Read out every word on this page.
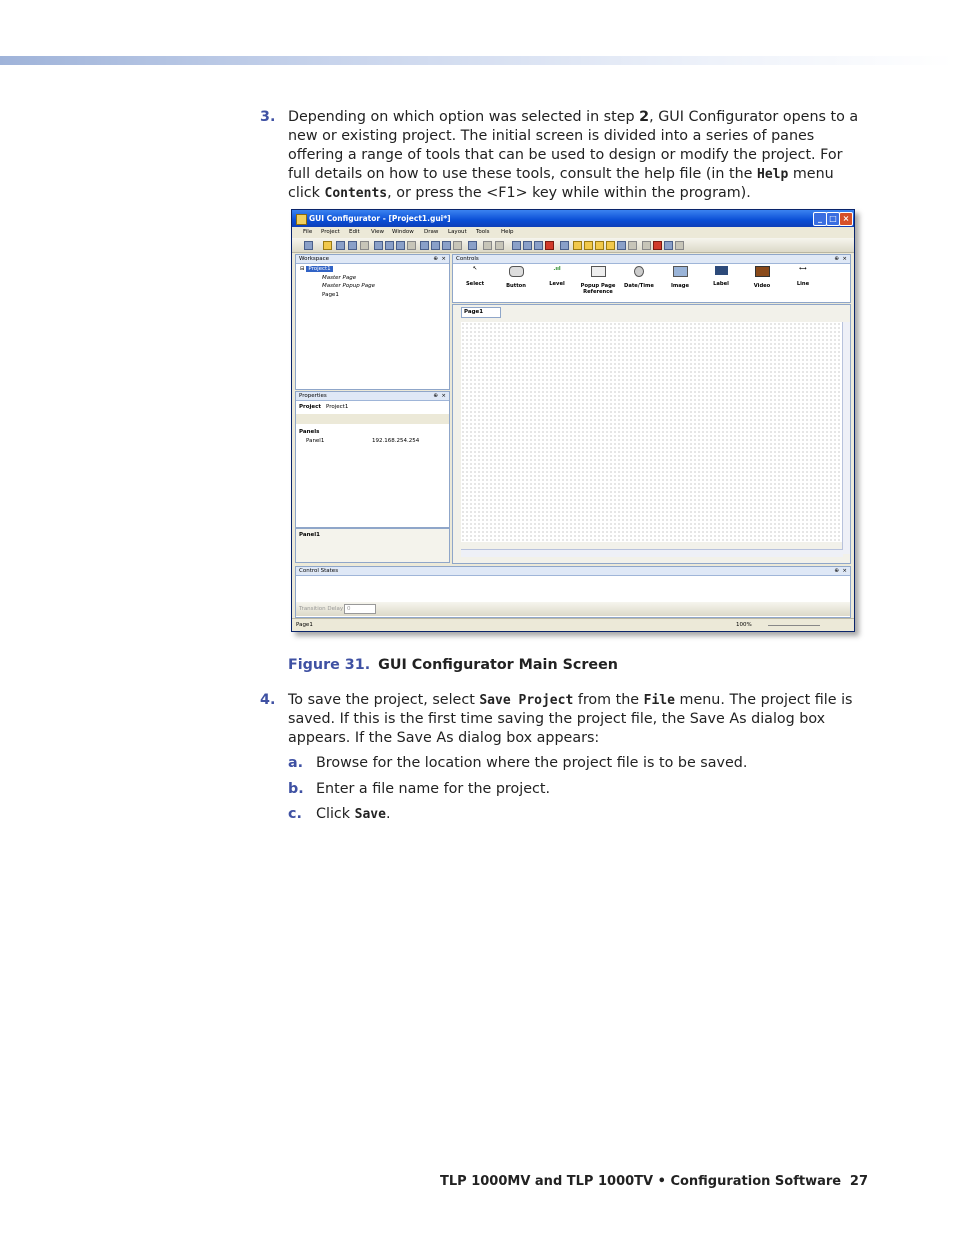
3. Depending on which option was selected in step 2, GUI Configurator opens to a new or existing project. The initial screen is divided into a series of panes offering a range of tools that can be used to design or modify the project. For full details on how to use these tools, consult the help file (in the Help menu click Contents, or press the <F1> key while within the program).
GUI Configurator - [Project1.gui*]	_ □ ×
File Project Edit View Window Draw Layout Tools Help
Workspace	⊕ ×
⊟ Project1
Master Page
Master Popup Page
Page1
Properties	⊕ ×
Project Project1
Panels
Panel1	192.168.254.254
Panel1
Controls	⊕ ×
↖
Select	Button
.ııl
Level	Popup Page Reference
Date/Time	Image	Label	Video
⟷
Line
Page1
Control States	⊕ ×
Transition Delay 0
Page1	100%
Figure 31. GUI Configurator Main Screen
4. To save the project, select Save Project from the File menu. The project file is saved. If this is the first time saving the project file, the Save As dialog box appears. If the Save As dialog box appears:
a. Browse for the location where the project file is to be saved.
b. Enter a file name for the project.
c. Click Save.
TLP 1000MV and TLP 1000TV • Configuration Software 27
